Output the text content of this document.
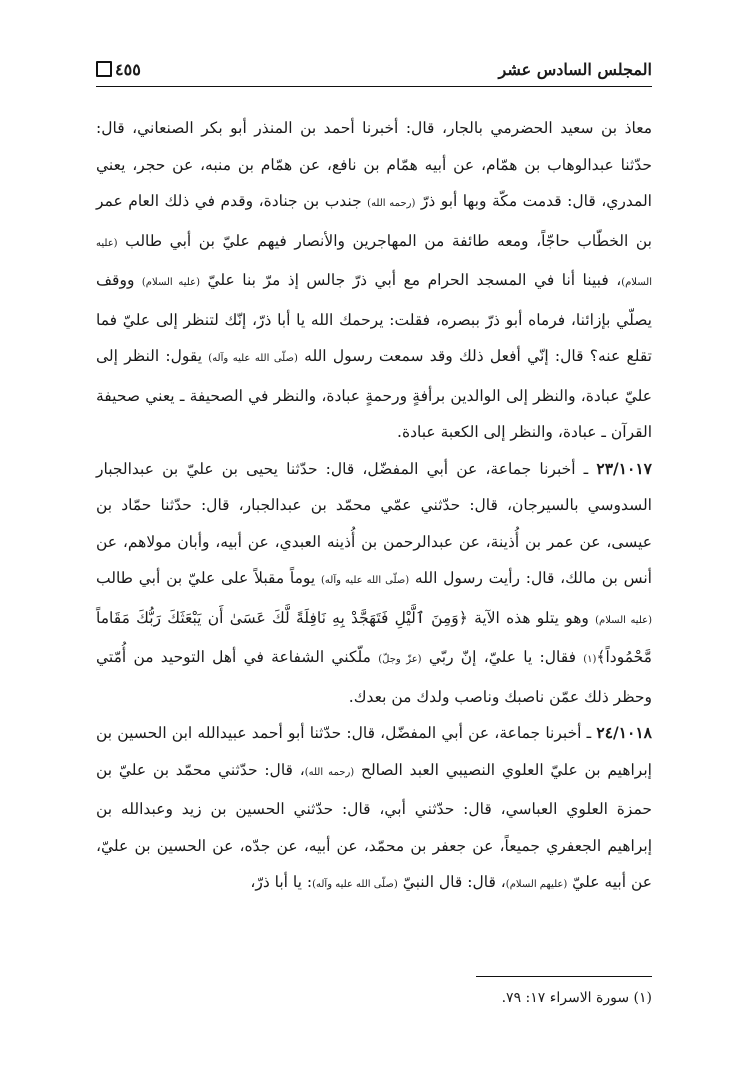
المجلس السادس عشر
٤٥٥

معاذ بن سعيد الحضرمي بالجار، قال: أخبرنا أحمد بن المنذر أبو بكر الصنعاني، قال: حدّثنا عبدالوهاب بن همّام، عن أبيه همّام بن نافع، عن همّام بن منبه، عن حجر، يعني المدري، قال: قدمت مكّة وبها أبو ذرّ (رحمه الله) جندب بن جنادة، وقدم في ذلك العام عمر بن الخطّاب حاجّاً، ومعه طائفة من المهاجرين والأنصار فيهم عليّ بن أبي طالب (عليه السلام)، فبينا أنا في المسجد الحرام مع أبي ذرّ جالس إذ مرّ بنا عليّ (عليه السلام) ووقف يصلّي بإزائنا، فرماه أبو ذرّ ببصره، فقلت: يرحمك الله يا أبا ذرّ، إنّك لتنظر إلى عليّ فما تقلع عنه؟ قال: إنّي أفعل ذلك وقد سمعت رسول الله (صلّى الله عليه وآله) يقول: النظر إلى عليّ عبادة، والنظر إلى الوالدين برأفةٍ ورحمةٍ عبادة، والنظر في الصحيفة ـ يعني صحيفة القرآن ـ عبادة، والنظر إلى الكعبة عبادة.

٢٣/١٠١٧ ـ أخبرنا جماعة، عن أبي المفضّل، قال: حدّثنا يحيى بن عليّ بن عبدالجبار السدوسي بالسيرجان، قال: حدّثني عمّي محمّد بن عبدالجبار، قال: حدّثنا حمّاد بن عيسى، عن عمر بن أُذينة، عن عبدالرحمن بن أُذينه العبدي، عن أبيه، وأبان مولاهم، عن أنس بن مالك، قال: رأيت رسول الله (صلّى الله عليه وآله) يوماً مقبلاً على عليّ بن أبي طالب (عليه السلام) وهو يتلو هذه الآية ﴿وَمِنَ ٱلَّيْلِ فَتَهَجَّدْ بِهِ نَافِلَةً لَّكَ عَسَىٰ أَن يَبْعَثَكَ رَبُّكَ مَقَاماً مَّحْمُوداً﴾(١) فقال: يا عليّ، إنّ ربّي (عزّ وجلّ) ملّكني الشفاعة في أهل التوحيد من أُمّتي وحظر ذلك عمّن ناصبك وناصب ولدك من بعدك.

٢٤/١٠١٨ ـ أخبرنا جماعة، عن أبي المفضّل، قال: حدّثنا أبو أحمد عبيدالله ابن الحسين بن إبراهيم بن عليّ العلوي النصيبي العبد الصالح (رحمه الله)، قال: حدّثني محمّد بن عليّ بن حمزة العلوي العباسي، قال: حدّثني أبي، قال: حدّثني الحسين بن زيد وعبدالله بن إبراهيم الجعفري جميعاً، عن جعفر بن محمّد، عن أبيه، عن جدّه، عن الحسين بن عليّ، عن أبيه عليّ (عليهم السلام)، قال: قال النبيّ (صلّى الله عليه وآله): يا أبا ذرّ،

(١) سورة الاسراء ١٧: ٧٩.
